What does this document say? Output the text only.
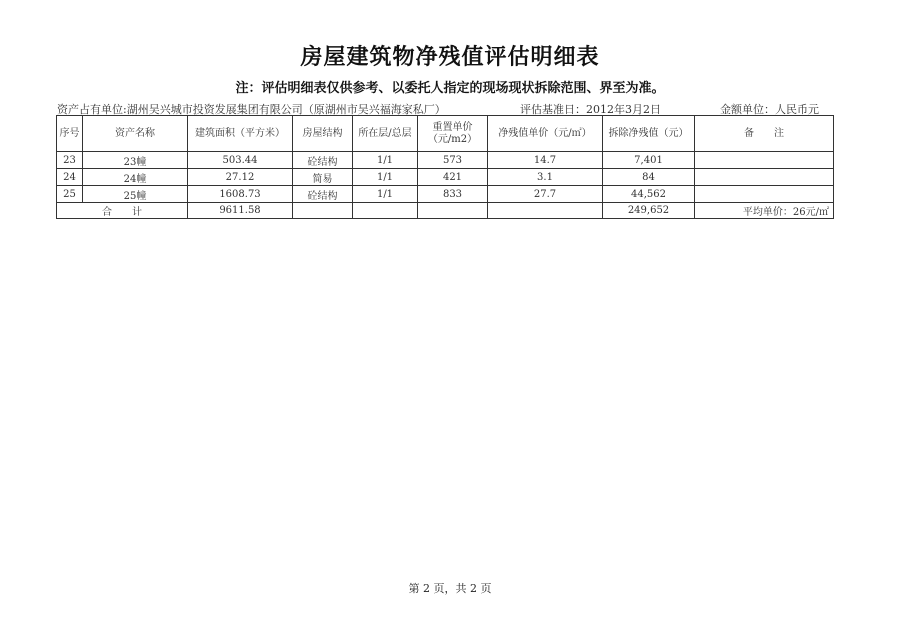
房屋建筑物净残值评估明细表
注：评估明细表仅供参考、以委托人指定的现场现状拆除范围、界至为准。
资产占有单位:湖州吴兴城市投资发展集团有限公司（原湖州市吴兴福海家私厂）	评估基准日：2012年3月2日	金额单位：人民币元
序号	资产名称	建筑面积（平方米）	房屋结构	所在层/总层	重置单价
（元/m2）	净残值单价（元/㎡）	拆除净残值（元）	备　　注
23	23幢	503.44	砼结构	1/1	573	14.7	7,401	
24	24幢	27.12	简易	1/1	421	3.1	84	
25	25幢	1608.73	砼结构	1/1	833	27.7	44,562	
合　　计		9611.58					249,652	平均单价：26元/㎡
第 2 页，共 2 页
